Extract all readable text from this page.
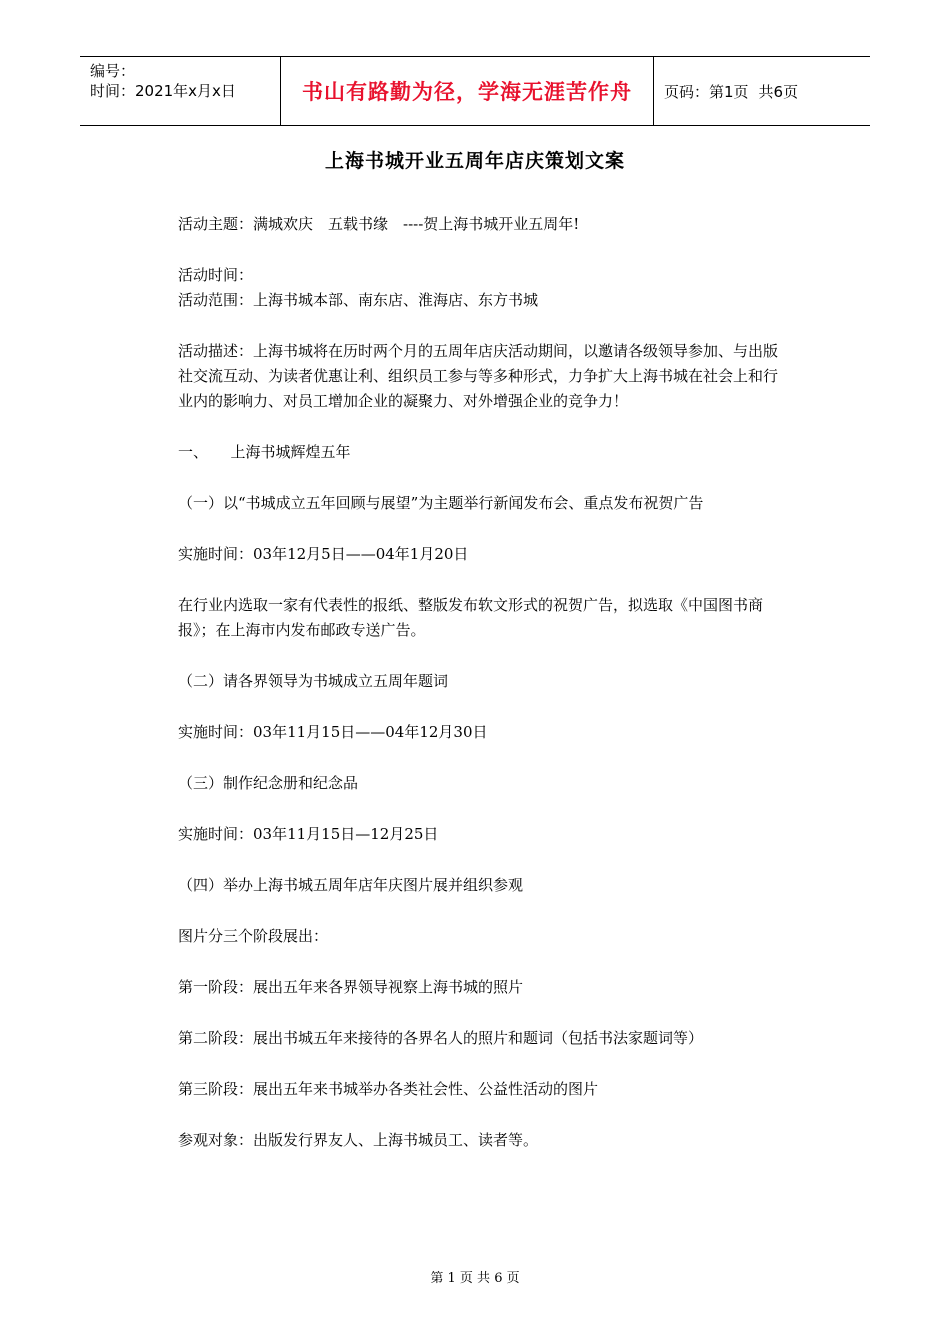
编号：
时间：2021年x月x日	书山有路勤为径，学海无涯苦作舟 页码：第1页 共6页
上海书城开业五周年店庆策划文案

活动主题：满城欢庆　五载书缘　----贺上海书城开业五周年!

活动时间：

活动范围：上海书城本部、南东店、淮海店、东方书城

活动描述：上海书城将在历时两个月的五周年店庆活动期间，以邀请各级领导参加、与出版社交流互动、为读者优惠让利、组织员工参与等多种形式，力争扩大上海书城在社会上和行业内的影响力、对员工增加企业的凝聚力、对外增强企业的竞争力！

一、　　上海书城辉煌五年

（一）以“书城成立五年回顾与展望”为主题举行新闻发布会、重点发布祝贺广告

实施时间：03年12月5日——04年1月20日

在行业内选取一家有代表性的报纸、整版发布软文形式的祝贺广告，拟选取《中国图书商报》；在上海市内发布邮政专送广告。

（二）请各界领导为书城成立五周年题词

实施时间：03年11月15日——04年12月30日

（三）制作纪念册和纪念品

实施时间：03年11月15日—12月25日

（四）举办上海书城五周年店年庆图片展并组织参观

图片分三个阶段展出：

第一阶段：展出五年来各界领导视察上海书城的照片

第二阶段：展出书城五年来接待的各界名人的照片和题词（包括书法家题词等）

第三阶段：展出五年来书城举办各类社会性、公益性活动的图片

参观对象：出版发行界友人、上海书城员工、读者等。

第 1 页 共 6 页
